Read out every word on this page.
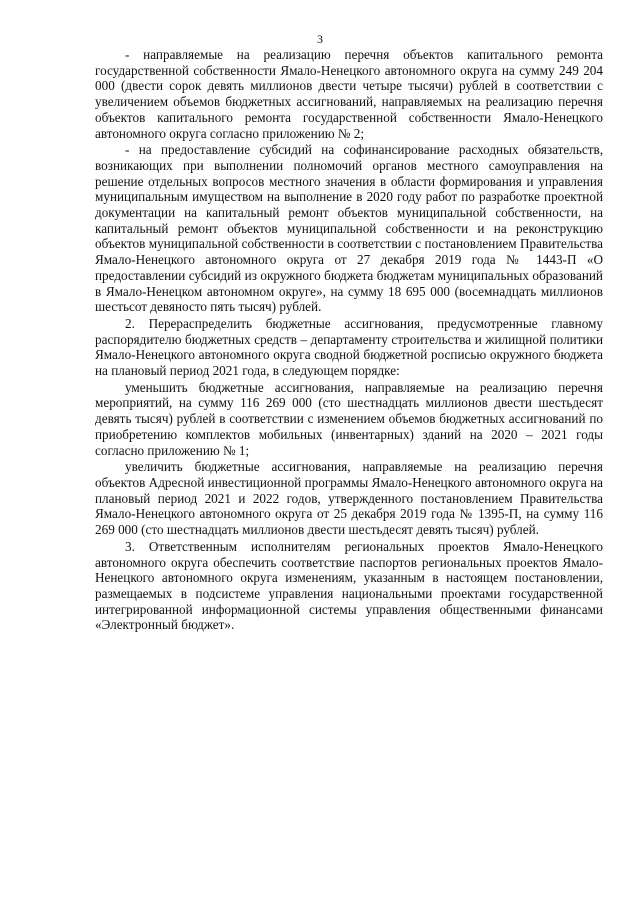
3

- направляемые на реализацию перечня объектов капитального ремонта государственной собственности Ямало-Ненецкого автономного округа на сумму 249 204 000 (двести сорок девять миллионов двести четыре тысячи) рублей в соответствии с увеличением объемов бюджетных ассигнований, направляемых на реализацию перечня объектов капитального ремонта государственной собственности Ямало-Ненецкого автономного округа согласно приложению № 2;

- на предоставление субсидий на софинансирование расходных обязательств, возникающих при выполнении полномочий органов местного самоуправления на решение отдельных вопросов местного значения в области формирования и управления муниципальным имуществом на выполнение в 2020 году работ по разработке проектной документации на капитальный ремонт объектов муниципальной собственности, на капитальный ремонт объектов муниципальной собственности и на реконструкцию объектов муниципальной собственности в соответствии с постановлением Правительства Ямало-Ненецкого автономного округа от 27 декабря 2019 года № 1443-П «О предоставлении субсидий из окружного бюджета бюджетам муниципальных образований в Ямало-Ненецком автономном округе», на сумму 18 695 000 (восемнадцать миллионов шестьсот девяносто пять тысяч) рублей.

2. Перераспределить бюджетные ассигнования, предусмотренные главному распорядителю бюджетных средств – департаменту строительства и жилищной политики Ямало-Ненецкого автономного округа сводной бюджетной росписью окружного бюджета на плановый период 2021 года, в следующем порядке:

уменьшить бюджетные ассигнования, направляемые на реализацию перечня мероприятий, на сумму 116 269 000 (сто шестнадцать миллионов двести шестьдесят девять тысяч) рублей в соответствии с изменением объемов бюджетных ассигнований по приобретению комплектов мобильных (инвентарных) зданий на 2020 – 2021 годы согласно приложению № 1;

увеличить бюджетные ассигнования, направляемые на реализацию перечня объектов Адресной инвестиционной программы Ямало-Ненецкого автономного округа на плановый период 2021 и 2022 годов, утвержденного постановлением Правительства Ямало-Ненецкого автономного округа от 25 декабря 2019 года № 1395-П, на сумму 116 269 000 (сто шестнадцать миллионов двести шестьдесят девять тысяч) рублей.

3. Ответственным исполнителям региональных проектов Ямало-Ненецкого автономного округа обеспечить соответствие паспортов региональных проектов Ямало-Ненецкого автономного округа изменениям, указанным в настоящем постановлении, размещаемых в подсистеме управления национальными проектами государственной интегрированной информационной системы управления общественными финансами «Электронный бюджет».
